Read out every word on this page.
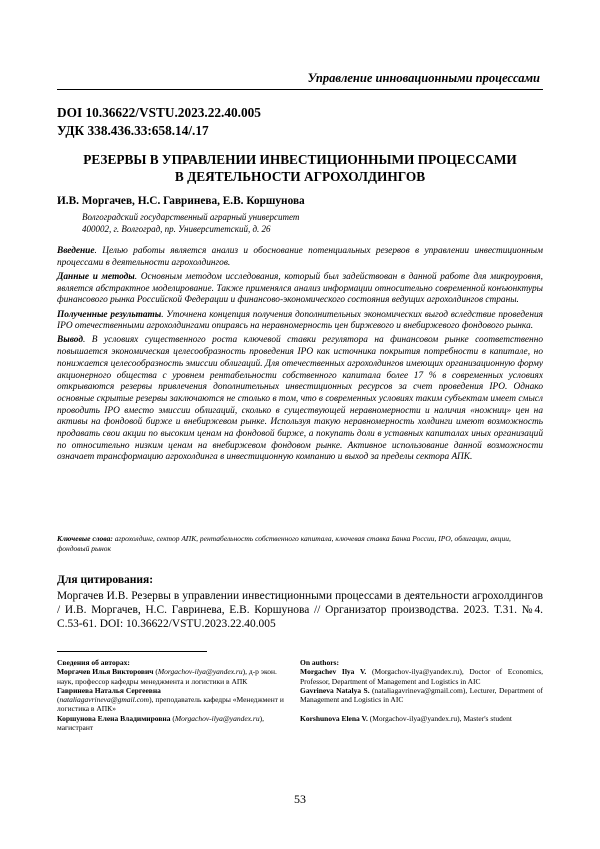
Управление инновационными процессами
DOI 10.36622/VSTU.2023.22.40.005
УДК 338.436.33:658.14/.17
РЕЗЕРВЫ В УПРАВЛЕНИИ ИНВЕСТИЦИОННЫМИ ПРОЦЕССАМИ
В ДЕЯТЕЛЬНОСТИ АГРОХОЛДИНГОВ
И.В. Моргачев, Н.С. Гавринева, Е.В. Коршунова
Волгоградский государственный аграрный университет
400002, г. Волгоград, пр. Университетский, д. 26

Введение. Целью работы является анализ и обоснование потенциальных резервов в управлении инвестиционным процессами в деятельности агрохолдингов.

Данные и методы. Основным методом исследования, который был задействован в данной работе для микроуровня, является абстрактное моделирование. Также применялся анализ информации относительно современной конъюнктуры финансового рынка Российской Федерации и финансово-экономического состояния ведущих агрохолдингов страны.

Полученные результаты. Уточнена концепция получения дополнительных экономических выгод вследствие проведения IPO отечественными агрохолдингами опираясь на неравномерность цен биржевого и внебиржевого фондового рынка.

Вывод. В условиях существенного роста ключевой ставки регулятора на финансовом рынке соответственно повышается экономическая целесообразность проведения IPO как источника покрытия потребности в капитале, но понижается целесообразность эмиссии облигаций. Для отечественных агрохолдингов имеющих организационную форму акционерного общества с уровнем рентабельности собственного капитала более 17 % в современных условиях открываются резервы привлечения дополнительных инвестиционных ресурсов за счет проведения IPO. Однако основные скрытые резервы заключаются не столько в том, что в современных условиях таким субъектам имеет смысл проводить IPO вместо эмиссии облигаций, сколько в существующей неравномерности и наличия «ножниц» цен на активы на фондовой бирже и внебиржевом рынке. Используя такую неравномерность холдинги имеют возможность продавать свои акции по высоким ценам на фондовой бирже, а покупать доли в уставных капиталах иных организаций по относительно низким ценам на внебиржевом фондовом рынке. Активное использование данной возможности означает трансформацию агрохолдинга в инвестиционную компанию и выход за пределы сектора АПК.

Ключевые слова: агрохолдинг, сектор АПК, рентабельность собственного капитала, ключевая ставка Банка России, IPO, облигации, акции, фондовый рынок
Для цитирования:
Моргачев И.В. Резервы в управлении инвестиционными процессами в деятельности агрохолдингов / И.В. Моргачев, Н.С. Гавринева, Е.В. Коршунова // Организатор производства. 2023. Т.31. №4. С.53-61. DOI: 10.36622/VSTU.2023.22.40.005
Сведения об авторах:

Моргачев Илья Викторович (Morgachov-ilya@yandex.ru), д-р экон. наук, профессор кафедры менеджмента и логистики в АПК

Гавринева Наталья Сергеевна
(nataliagavrineva@gmail.com), преподаватель кафедры «Менеджмент и логистика в АПК»

Коршунова Елена Владимировна (Morgachov-ilya@yandex.ru), магистрант

On authors:

Morgachev Ilya V. (Morgachov-ilya@yandex.ru), Doctor of Economics, Professor, Department of Management and Logistics in AIC

Gavrineva Natalya S. (nataliagavrineva@gmail.com), Lecturer, Department of Management and Logistics in AIC

Korshunova Elena V. (Morgachov-ilya@yandex.ru), Master's student

53
